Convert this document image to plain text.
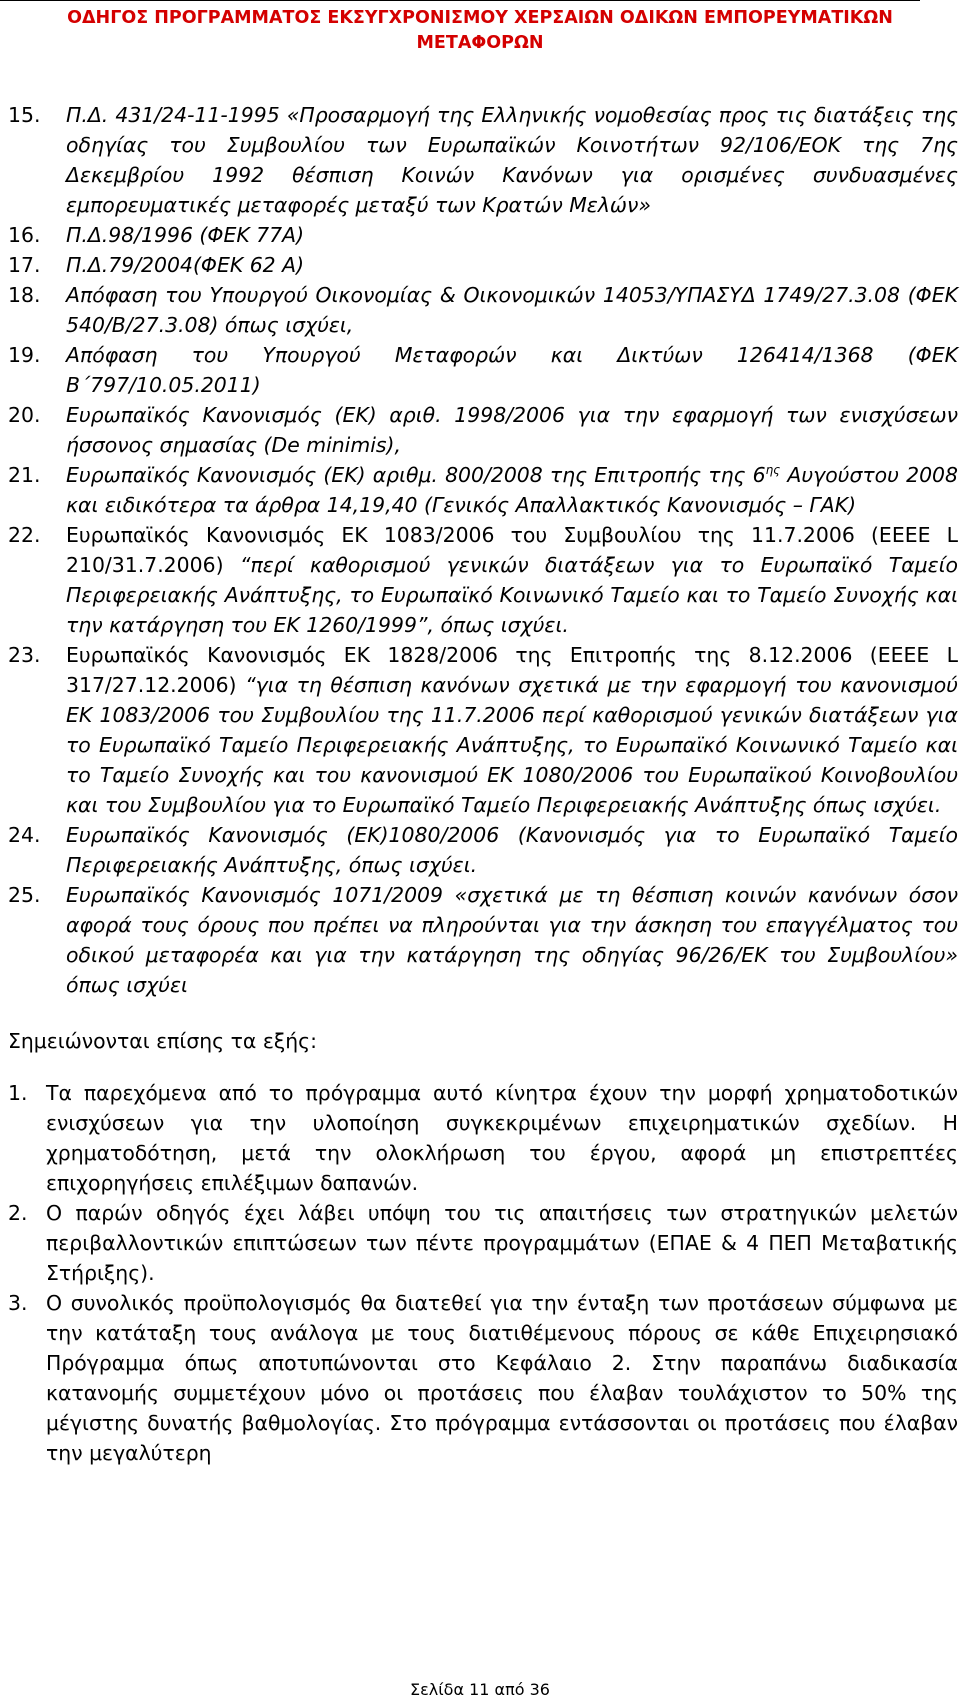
ΟΔΗΓΟΣ ΠΡΟΓΡΑΜΜΑΤΟΣ ΕΚΣΥΓΧΡΟΝΙΣΜΟΥ ΧΕΡΣΑΙΩΝ ΟΔΙΚΩΝ ΕΜΠΟΡΕΥΜΑΤΙΚΩΝ
ΜΕΤΑΦΟΡΩΝ
15. Π.Δ. 431/24-11-1995 «Προσαρμογή της Ελληνικής νομοθεσίας προς τις διατάξεις της οδηγίας του Συμβουλίου των Ευρωπαϊκών Κοινοτήτων 92/106/ΕΟΚ της 7ης Δεκεμβρίου 1992 θέσπιση Κοινών Κανόνων για ορισμένες συνδυασμένες εμπορευματικές μεταφορές μεταξύ των Κρατών Μελών»
16. Π.Δ.98/1996 (ΦΕΚ 77Α)
17. Π.Δ.79/2004(ΦΕΚ 62 Α)
18. Απόφαση του Υπουργού Οικονομίας & Οικονομικών 14053/ΥΠΑΣΥΔ 1749/27.3.08 (ΦΕΚ 540/Β/27.3.08) όπως ισχύει,
19. Απόφαση του Υπουργού Μεταφορών και Δικτύων 126414/1368 (ΦΕΚ Β΄797/10.05.2011)
20. Ευρωπαϊκός Κανονισμός (ΕΚ) αριθ. 1998/2006 για την εφαρμογή των ενισχύσεων ήσσονος σημασίας (De minimis),
21. Ευρωπαϊκός Κανονισμός (ΕΚ) αριθμ. 800/2008 της Επιτροπής της $6^{\eta\varsigma}$ Αυγούστου 2008 και ειδικότερα τα άρθρα 14,19,40 (Γενικός Απαλλακτικός Κανονισμός – ΓΑΚ)
22. Ευρωπαϊκός Κανονισμός ΕΚ 1083/2006 του Συμβουλίου της 11.7.2006 (ΕΕΕΕ L 210/31.7.2006) “περί καθορισμού γενικών διατάξεων για το Ευρωπαϊκό Ταμείο Περιφερειακής Ανάπτυξης, το Ευρωπαϊκό Κοινωνικό Ταμείο και το Ταμείο Συνοχής και την κατάργηση του ΕΚ 1260/1999”, όπως ισχύει.
23. Ευρωπαϊκός Κανονισμός ΕΚ 1828/2006 της Επιτροπής της 8.12.2006 (ΕΕΕΕ L 317/27.12.2006) “για τη θέσπιση κανόνων σχετικά με την εφαρμογή του κανονισμού ΕΚ 1083/2006 του Συμβουλίου της 11.7.2006 περί καθορισμού γενικών διατάξεων για το Ευρωπαϊκό Ταμείο Περιφερειακής Ανάπτυξης, το Ευρωπαϊκό Κοινωνικό Ταμείο και το Ταμείο Συνοχής και του κανονισμού ΕΚ 1080/2006 του Ευρωπαϊκού Κοινοβουλίου και του Συμβουλίου για το Ευρωπαϊκό Ταμείο Περιφερειακής Ανάπτυξης όπως ισχύει.
24. Ευρωπαϊκός Κανονισμός (ΕΚ)1080/2006 (Κανονισμός για το Ευρωπαϊκό Ταμείο Περιφερειακής Ανάπτυξης, όπως ισχύει.
25. Ευρωπαϊκός Κανονισμός 1071/2009 «σχετικά με τη θέσπιση κοινών κανόνων όσον αφορά τους όρους που πρέπει να πληρούνται για την άσκηση του επαγγέλματος του οδικού μεταφορέα και για την κατάργηση της οδηγίας 96/26/ΕΚ του Συμβουλίου» όπως ισχύει
Σημειώνονται επίσης τα εξής:
1. Τα παρεχόμενα από το πρόγραμμα αυτό κίνητρα έχουν την μορφή χρηματοδοτικών ενισχύσεων για την υλοποίηση συγκεκριμένων επιχειρηματικών σχεδίων. Η χρηματοδότηση, μετά την ολοκλήρωση του έργου, αφορά μη επιστρεπτέες επιχορηγήσεις επιλέξιμων δαπανών.
2. Ο παρών οδηγός έχει λάβει υπόψη του τις απαιτήσεις των στρατηγικών μελετών περιβαλλοντικών επιπτώσεων των πέντε προγραμμάτων (ΕΠΑΕ & 4 ΠΕΠ Μεταβατικής Στήριξης).
3. Ο συνολικός προϋπολογισμός θα διατεθεί για την ένταξη των προτάσεων σύμφωνα με την κατάταξη τους ανάλογα με τους διατιθέμενους πόρους σε κάθε Επιχειρησιακό Πρόγραμμα όπως αποτυπώνονται στο Κεφάλαιο 2. Στην παραπάνω διαδικασία κατανομής συμμετέχουν μόνο οι προτάσεις που έλαβαν τουλάχιστον το 50% της μέγιστης δυνατής βαθμολογίας. Στο πρόγραμμα εντάσσονται οι προτάσεις που έλαβαν την μεγαλύτερη
Σελίδα 11 από 36
